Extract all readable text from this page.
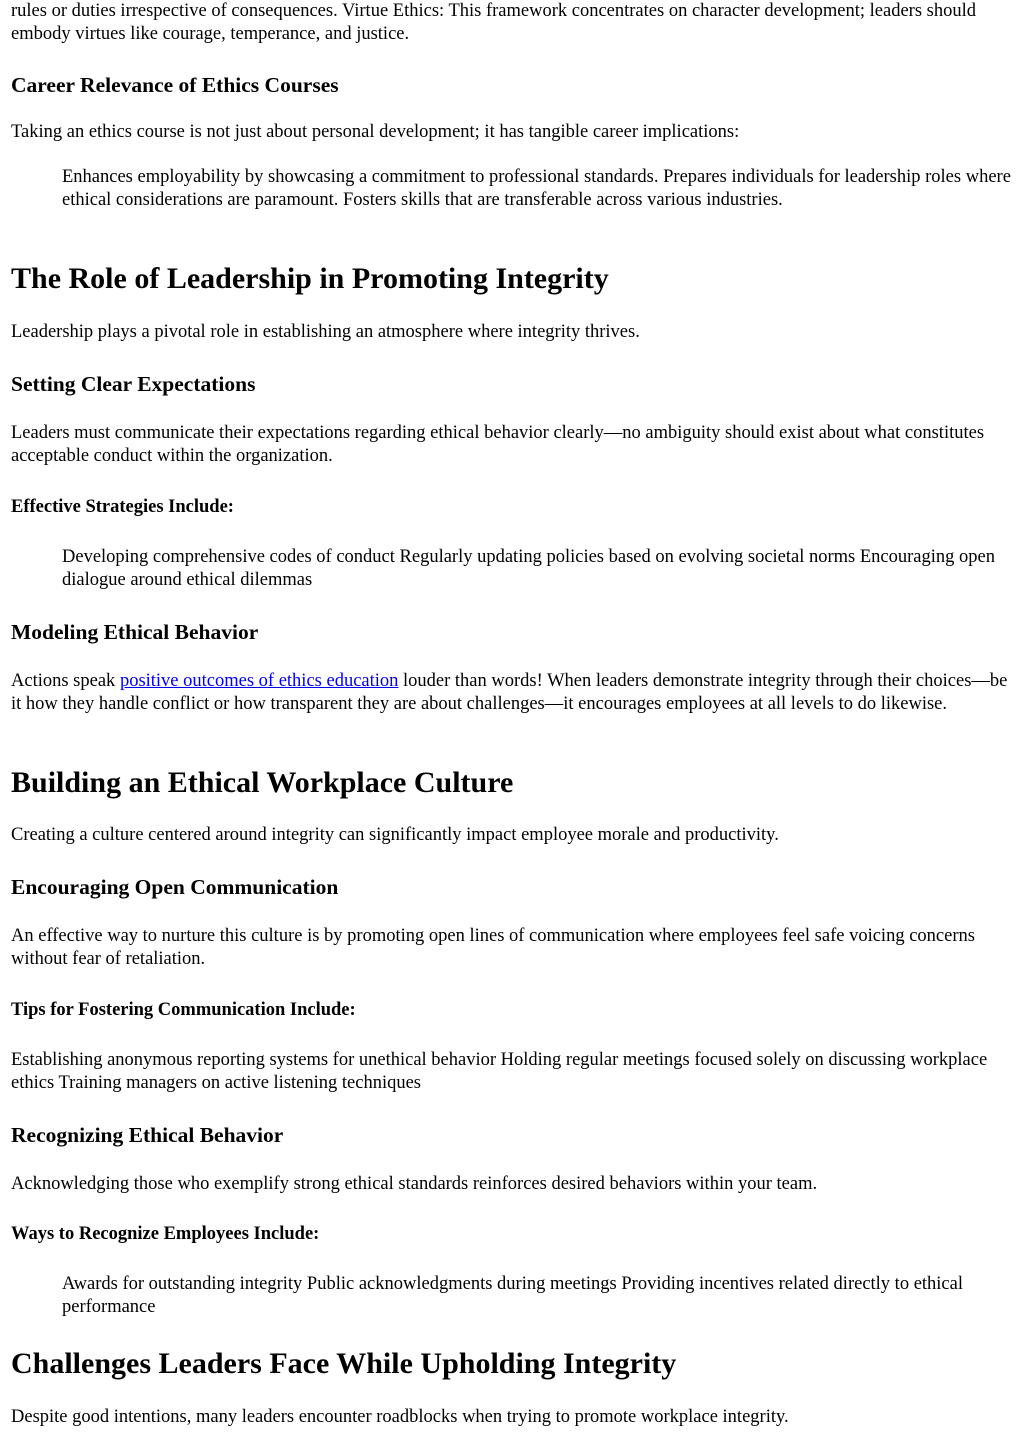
rules or duties irrespective of consequences. Virtue Ethics: This framework concentrates on character development; leaders should embody virtues like courage, temperance, and justice.

Career Relevance of Ethics Courses

Taking an ethics course is not just about personal development; it has tangible career implications:

Enhances employability by showcasing a commitment to professional standards. Prepares individuals for leadership roles where ethical considerations are paramount. Fosters skills that are transferable across various industries.

The Role of Leadership in Promoting Integrity

Leadership plays a pivotal role in establishing an atmosphere where integrity thrives.

Setting Clear Expectations

Leaders must communicate their expectations regarding ethical behavior clearly—no ambiguity should exist about what constitutes acceptable conduct within the organization.

Effective Strategies Include:

Developing comprehensive codes of conduct Regularly updating policies based on evolving societal norms Encouraging open dialogue around ethical dilemmas

Modeling Ethical Behavior

Actions speak positive outcomes of ethics education louder than words! When leaders demonstrate integrity through their choices—be it how they handle conflict or how transparent they are about challenges—it encourages employees at all levels to do likewise.

Building an Ethical Workplace Culture

Creating a culture centered around integrity can significantly impact employee morale and productivity.

Encouraging Open Communication

An effective way to nurture this culture is by promoting open lines of communication where employees feel safe voicing concerns without fear of retaliation.

Tips for Fostering Communication Include:

Establishing anonymous reporting systems for unethical behavior Holding regular meetings focused solely on discussing workplace ethics Training managers on active listening techniques

Recognizing Ethical Behavior

Acknowledging those who exemplify strong ethical standards reinforces desired behaviors within your team.

Ways to Recognize Employees Include:

Awards for outstanding integrity Public acknowledgments during meetings Providing incentives related directly to ethical performance

Challenges Leaders Face While Upholding Integrity

Despite good intentions, many leaders encounter roadblocks when trying to promote workplace integrity.
